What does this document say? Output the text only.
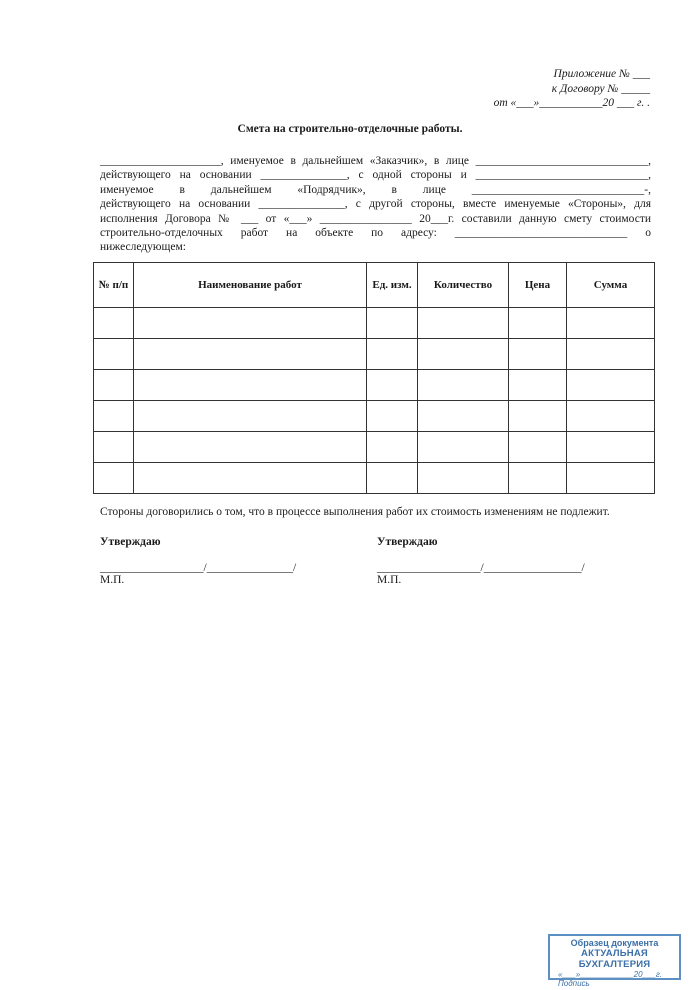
Приложение № ___
к Договору № _____
от «___»___________20 ___ г. .
Смета на строительно-отделочные работы.
_____________________, именуемое в дальнейшем «Заказчик», в лице ______________________________,
действующего на основании _______________, с одной стороны и ______________________________,
именуемое в дальнейшем «Подрядчик», в лице ______________________________-,
действующего на основании _______________, с другой стороны, вместе именуемые «Стороны», для
исполнения Договора № ___ от «___» ________________ 20___г. составили данную смету стоимости
строительно-отделочных работ на объекте по адресу: ______________________________ о
нижеследующем:
№ п/п	Наименование работ	Ед. изм.	Количество	Цена	Сумма

Стороны договорились о том, что в процессе выполнения работ их стоимость изменениям не подлежит.
Утверждаю
__________________/_______________/
М.П.
Утверждаю
__________________/_________________/
М.П.
Образец документа
АКТУАЛЬНАЯ БУХГАЛТЕРИЯ
«___»____________20___г.
Подпись
